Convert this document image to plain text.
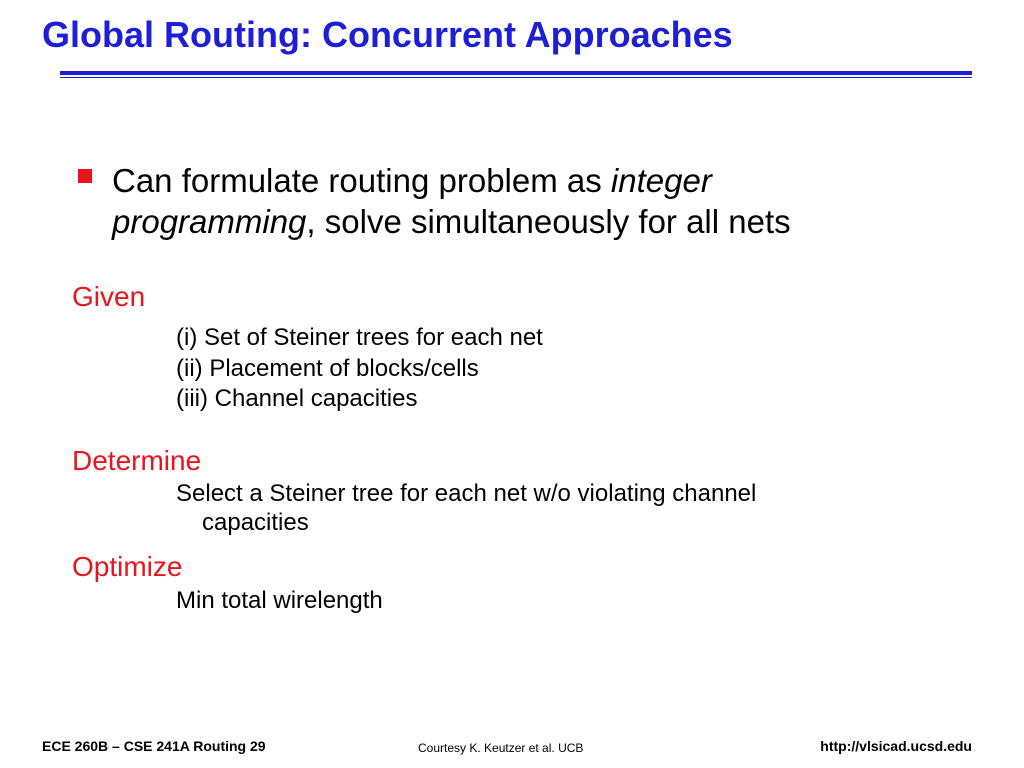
Global Routing: Concurrent Approaches
Can formulate routing problem as integer
programming, solve simultaneously for all nets
Given
(i) Set of Steiner trees for each net
(ii) Placement of blocks/cells
(iii) Channel capacities
Determine
Select a Steiner tree for each net w/o violating channel
capacities
Optimize
Min total wirelength
ECE 260B – CSE 241A Routing 29	Courtesy K. Keutzer et al. UCB	http://vlsicad.ucsd.edu
